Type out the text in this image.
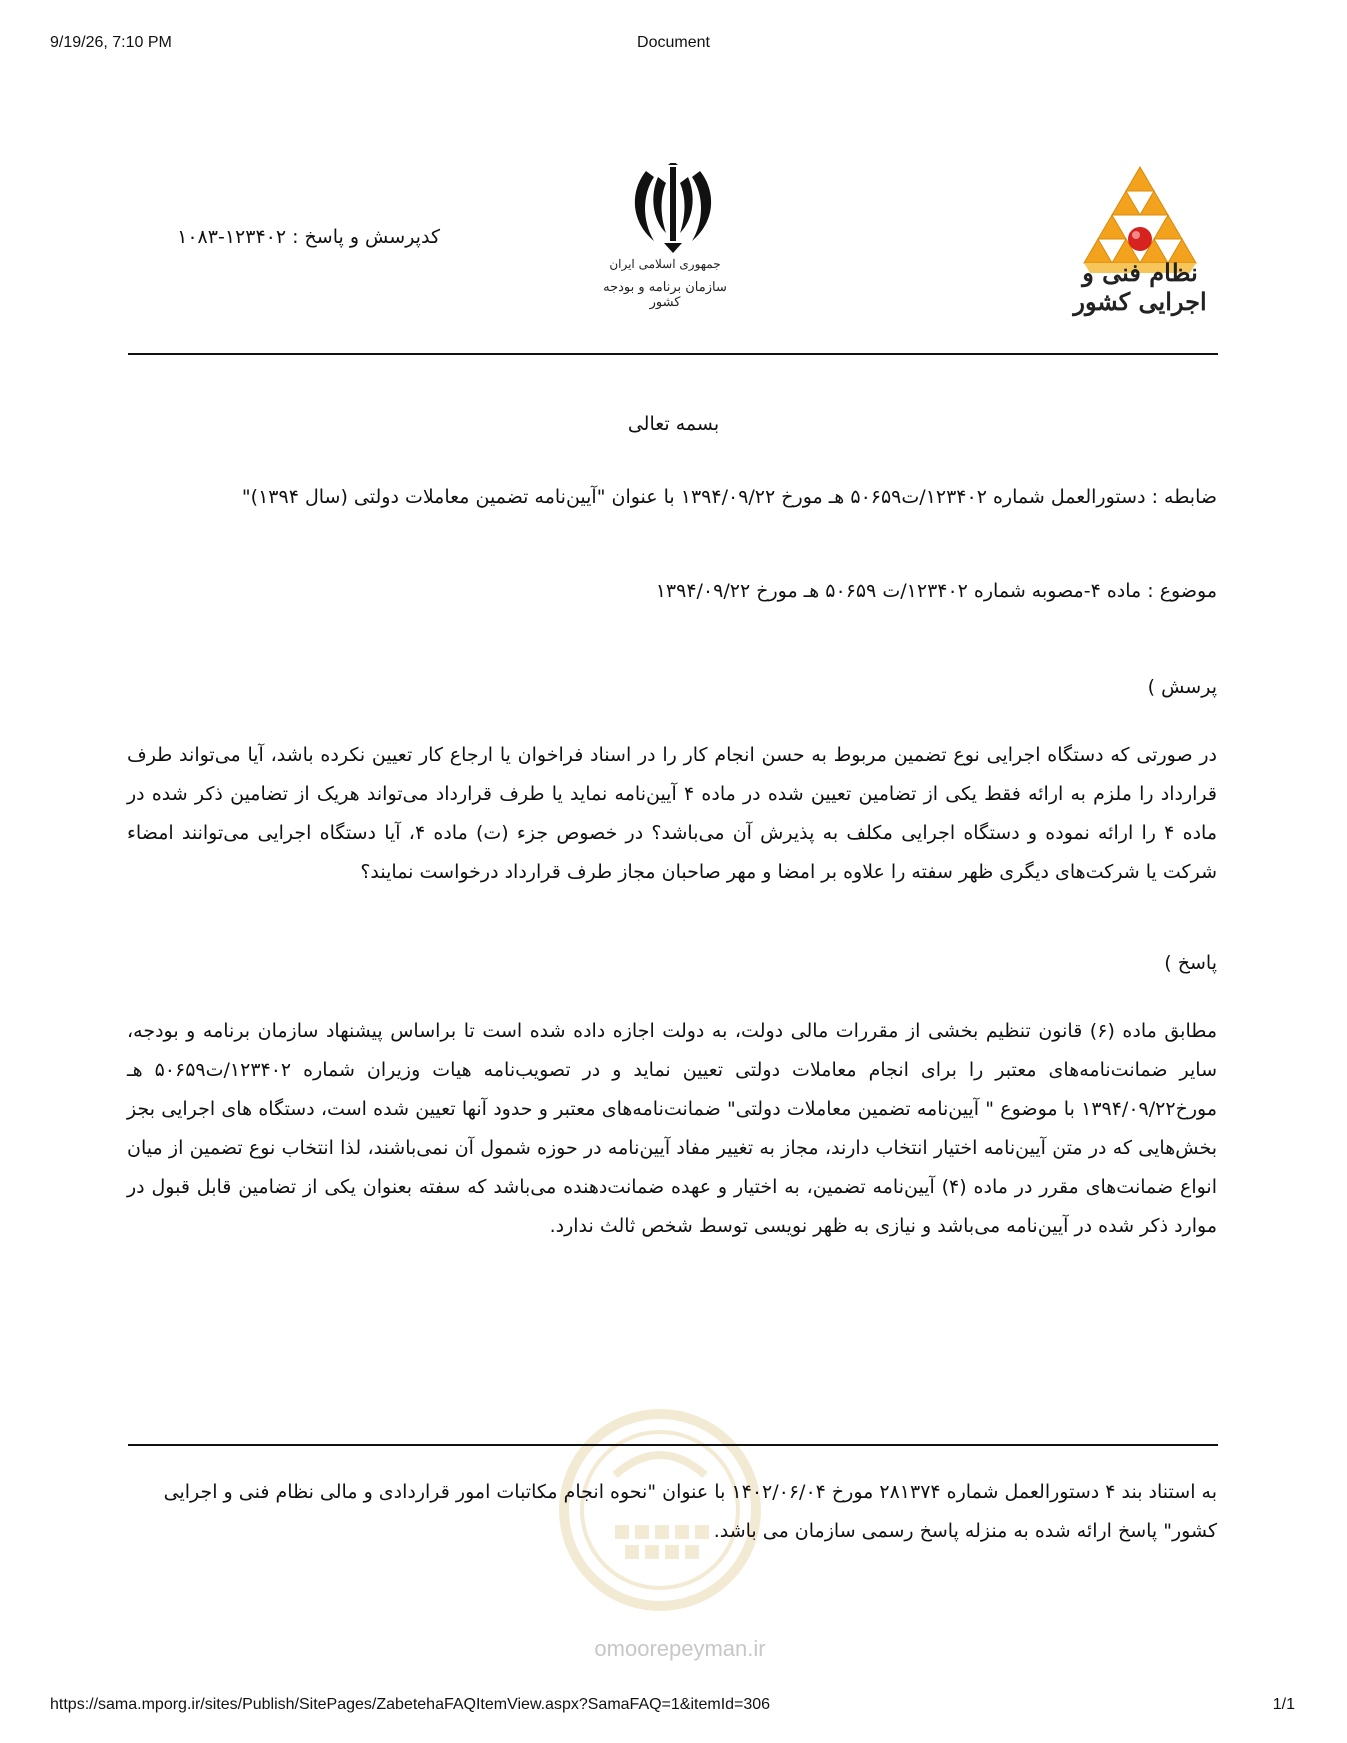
9/19/26, 7:10 PM	Document
نظام فنی و اجرایی کشور
جمهوری اسلامی ایران
سازمان برنامه و بودجه کشور
کدپرسش و پاسخ : ۱۲۳۴۰۲-۱۰۸۳
بسمه تعالی
ضابطه : دستورالعمل شماره ۱۲۳۴۰۲/ت۵۰۶۵۹ هـ مورخ ۱۳۹۴/۰۹/۲۲ با عنوان "آیین‌نامه تضمین معاملات دولتی (سال ۱۳۹۴)"
موضوع : ماده ۴-مصوبه شماره ۱۲۳۴۰۲/ت ۵۰۶۵۹ هـ مورخ ۱۳۹۴/۰۹/۲۲
پرسش )
در صورتی که دستگاه اجرایی نوع تضمین مربوط به حسن انجام کار را در اسناد فراخوان یا ارجاع کار تعیین نکرده باشد، آیا می‌تواند طرف قرارداد را ملزم به ارائه فقط یکی از تضامین تعیین شده در ماده ۴ آیین‌نامه نماید یا طرف قرارداد می‌تواند هریک از تضامین ذکر شده در ماده ۴ را ارائه نموده و دستگاه اجرایی مکلف به پذیرش آن می‌باشد؟ در خصوص جزء (ت) ماده ۴، آیا دستگاه اجرایی می‌توانند امضاء شرکت یا شرکت‌های دیگری ظهر سفته را علاوه بر امضا و مهر صاحبان مجاز طرف قرارداد درخواست نمایند؟
پاسخ )
مطابق ماده (۶) قانون تنظیم بخشی از مقررات مالی دولت، به دولت اجازه داده شده است تا براساس پیشنهاد سازمان برنامه و بودجه، سایر ضمانت‌نامه‌های معتبر را برای انجام معاملات دولتی تعیین نماید و در تصویب‌نامه هیات وزیران شماره ۱۲۳۴۰۲/ت۵۰۶۵۹ هـ مورخ۱۳۹۴/۰۹/۲۲ با موضوع " آیین‌نامه تضمین معاملات دولتی" ضمانت‌نامه‌های معتبر و حدود آنها تعیین شده است، دستگاه های اجرایی بجز بخش‌هایی که در متن آیین‌نامه اختیار انتخاب دارند، مجاز به تغییر مفاد آیین‌نامه در حوزه شمول آن نمی‌باشند، لذا انتخاب نوع تضمین از میان انواع ضمانت‌های مقرر در ماده (۴) آیین‌نامه تضمین، به اختیار و عهده ضمانت‌دهنده می‌باشد که سفته بعنوان یکی از تضامین قابل قبول در موارد ذکر شده در آیین‌نامه می‌باشد و نیازی به ظهر نویسی توسط شخص ثالث ندارد.
به استناد بند ۴ دستورالعمل شماره ۲۸۱۳۷۴ مورخ ۱۴۰۲/۰۶/۰۴ با عنوان "نحوه انجام مکاتبات امور قراردادی و مالی نظام فنی و اجرایی کشور" پاسخ ارائه شده به منزله پاسخ رسمی سازمان می باشد.
omoorepeyman.ir
https://sama.mporg.ir/sites/Publish/SitePages/ZabetehaFAQItemView.aspx?SamaFAQ=1&itemId=306	1/1
